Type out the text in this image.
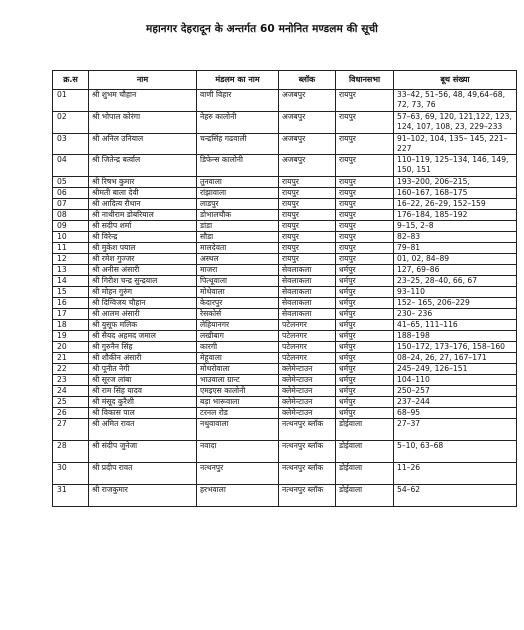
महानगर देहरादून के अन्तर्गत 60 मनोनित मण्डलम की सूची
क्र.स	नाम	मंडलम का नाम	ब्लॉक	विधानसभा	बूथ संख्या
01	श्री शुभम चौहान	वाणी विहार	अजबपुर	रायपुर	33–42, 51–56, 48, 49,64–68, 72, 73, 76
02	श्री भोपाल कोरंगा	नेहरु कालोनी	अजबपुर	रायपुर	57–63, 69, 120, 121,122, 123, 124, 107, 108, 23, 229–233
03	श्री अनिल उनियाल	चन्द्रसिंह गढवाली	अजबपुर	रायपुर	91–102, 104, 135– 145, 221–227
04	श्री जितेन्द्र बर्त्वाल	डिफेन्स कालोनी	अजबपुर	रायपुर	110–119, 125–134, 146, 149, 150, 151
05	श्री रिषभ कुमार	तुनवाला	रायपुर	रायपुर	193–200, 206–215,
06	श्रीमती बाला देवी	रांझावाला	रायपुर	रायपुर	160–167, 168–175
07	श्री आदित्य रौथान	लाडपुर	रायपुर	रायपुर	16–22, 26–29, 152–159
08	श्री नाथीराम डोबरियाल	डोभालचौक	रायपुर	रायपुर	176–184, 185–192
09	श्री सदीप शर्मा	डांडा	रायपुर	रायपुर	9–15, 2–8
10	श्री विरेन्द्र	सौडा	रायपुर	रायपुर	82–83
11	श्री मुकेश पयाल	मालदेवता	रायपुर	रायपुर	79–81
12	श्री रमेश गुज्जर	अस्थल	रायपुर	रायपुर	01, 02, 84–89
13	श्री अनीस अंसारी	माजरा	सेवलाकला	धर्मपुर	127, 69–86
14	श्री गिरीश चन्द्र सुन्द्रयाल	पित्थूवाला	सेवलाकला	धर्मपुर	23–25, 28–40, 66, 67
15	श्री मोहन गुरुंग	मोथेवाला	सेवलाकला	धर्मपुर	93–110
16	श्री दिग्विजय चौहान	केदारपुर	सेवलाकला	धर्मपुर	152– 165, 206–229
17	श्री आलम अंसारी	रेसकोर्स	सेवलाकला	धर्मपुर	230– 236
18	श्री युसूफ मलिक	लेहियानगर	पटेलनगर	धर्मपुर	41–65, 111–116
19	श्री सैयद अहमद जमाल	लखीबाग	पटेलनगर	धर्मपुर	188–198
20	श्री गुरुनैन सिंह	कारगी	पटेलनगर	धर्मपुर	150–172, 173–176, 158–160
21	श्री शौकीन अंसारी	मेहूवाला	पटेलनगर	धर्मपुर	08–24, 26, 27, 167–171
22	श्री पूनीत नेगी	मोथरोवाला	क्लेमेन्टाउन	धर्मपुर	245–249, 126–151
23	श्री सूरज लांबा	भाउवाला ग्रान्ट	क्लेमेन्टाउन	धर्मपुर	104–110
24	श्री राम सिंह यादव	एमइएस कालोनी	क्लेमेन्टाउन	धर्मपुर	250–257
25	श्री मंसूद कुरैशी	बड़ा भारूवाला	क्लेमेन्टाउन	धर्मपुर	237–244
26	श्री विकास पाल	टरनल रोड	क्लेमेन्टाउन	धर्मपुर	68–95
27	श्री अमित रावत	नथुवावाला	नत्थनपुर ब्लॉक	डोईवाला	27–37
28	श्री संदीप जुनेजा	नवादा	नत्थनपुर ब्लॉक	डोईवाला	5–10, 63–68
30	श्री प्रदीप रावत	नत्थनपुर	नत्थनपुर ब्लॉक	डोईवाला	11–26
31	श्री राजकुमार	हरभवाला	नत्थनपुर ब्लॉक	डोईवाला	54–62
